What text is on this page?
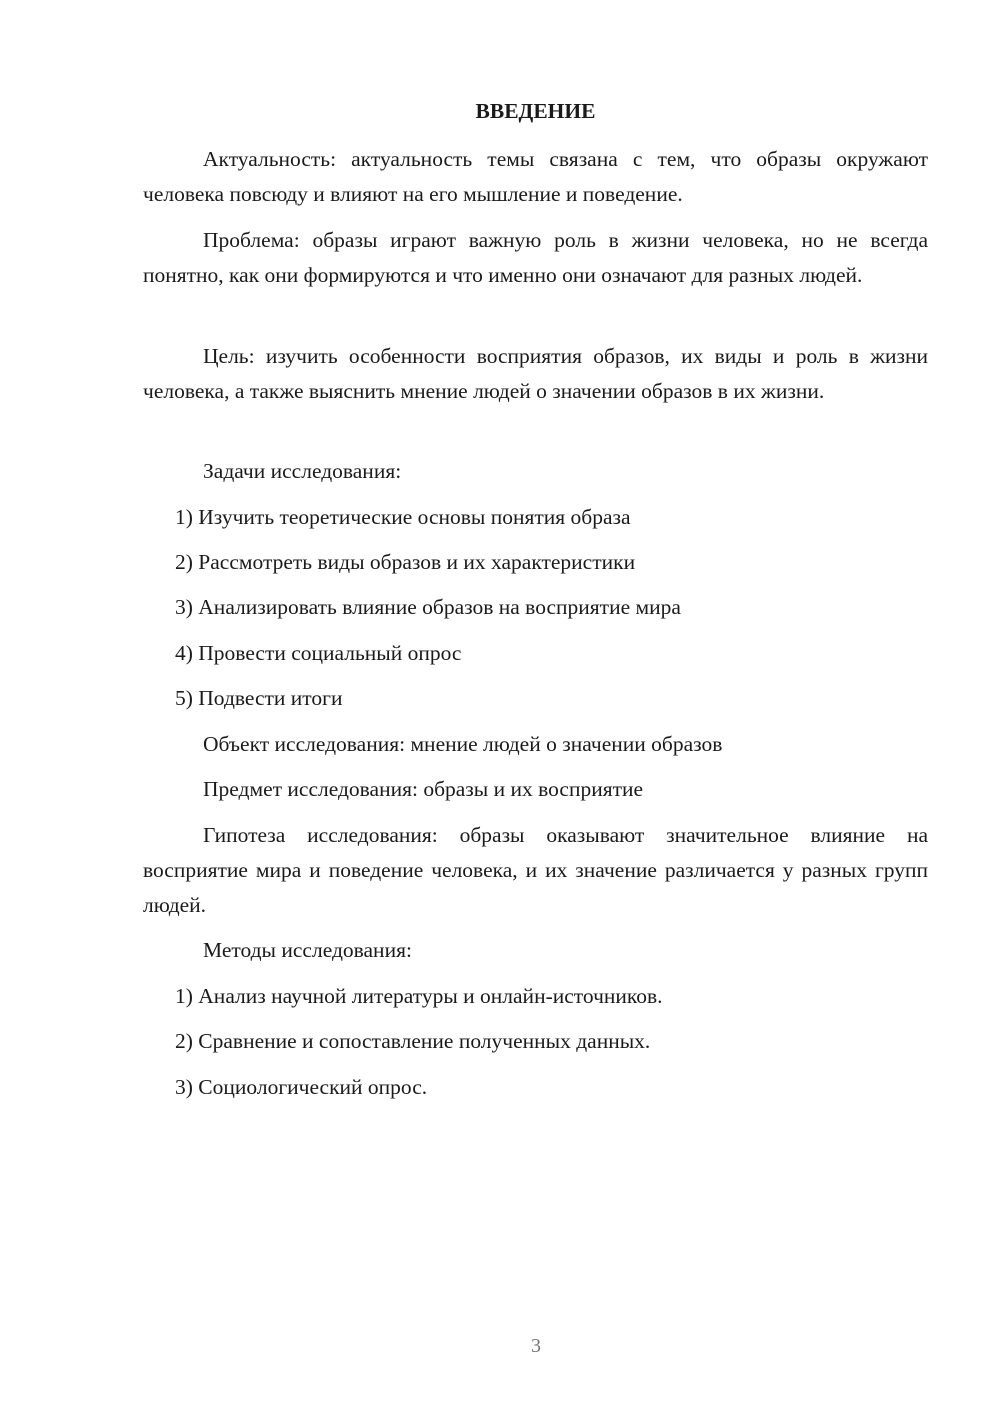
ВВЕДЕНИЕ

Актуальность: актуальность темы связана с тем, что образы окружают человека повсюду и влияют на его мышление и поведение.

Проблема: образы играют важную роль в жизни человека, но не всегда понятно, как они формируются и что именно они означают для разных людей.

Цель: изучить особенности восприятия образов, их виды и роль в жизни человека, а также выяснить мнение людей о значении образов в их жизни.

Задачи исследования:

1) Изучить теоретические основы понятия образа

2) Рассмотреть виды образов и их характеристики

3) Анализировать влияние образов на восприятие мира

4) Провести социальный опрос

5) Подвести итоги

Объект исследования: мнение людей о значении образов

Предмет исследования: образы и их восприятие

Гипотеза исследования: образы оказывают значительное влияние на восприятие мира и поведение человека, и их значение различается у разных групп людей.

Методы исследования:

1) Анализ научной литературы и онлайн-источников.

2) Сравнение и сопоставление полученных данных.

3) Социологический опрос.

3
